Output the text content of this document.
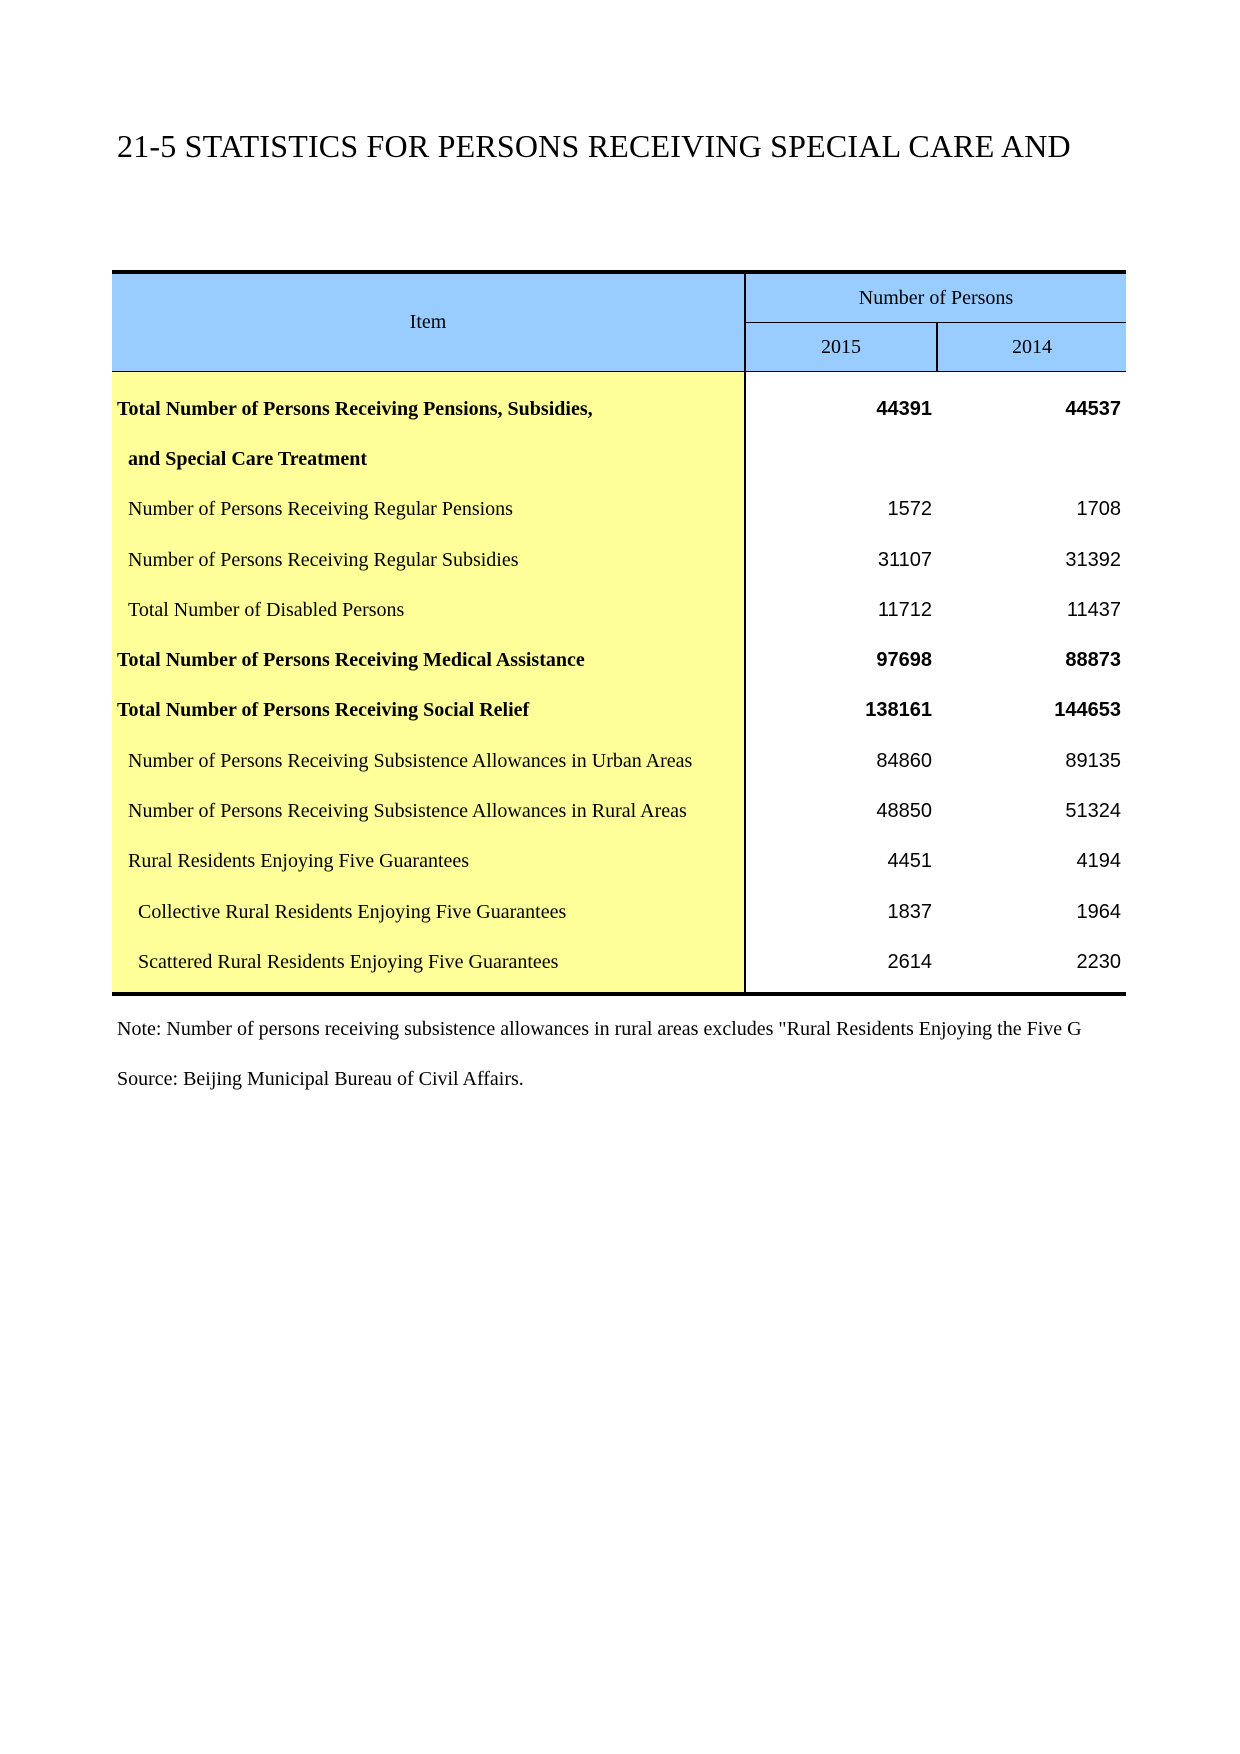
21-5 STATISTICS FOR PERSONS RECEIVING SPECIAL CARE AND
Item	Number of Persons	
	2015	2014

Total Number of Persons Receiving Pensions, Subsidies,	44391	44537
and Special Care Treatment		
Number of Persons Receiving Regular Pensions	1572	1708
Number of Persons Receiving Regular Subsidies	31107	31392
Total Number of Disabled Persons	11712	11437
Total Number of Persons Receiving Medical Assistance	97698	88873
Total Number of Persons Receiving Social Relief	138161	144653
Number of Persons Receiving Subsistence Allowances in Urban Areas	84860	89135
Number of Persons Receiving Subsistence Allowances in Rural Areas	48850	51324
Rural Residents Enjoying Five Guarantees	4451	4194
Collective Rural Residents Enjoying Five Guarantees	1837	1964
Scattered Rural Residents Enjoying Five Guarantees	2614	2230

Note: Number of persons receiving subsistence allowances in rural areas excludes "Rural Residents Enjoying the Five G
Source: Beijing Municipal Bureau of Civil Affairs.
